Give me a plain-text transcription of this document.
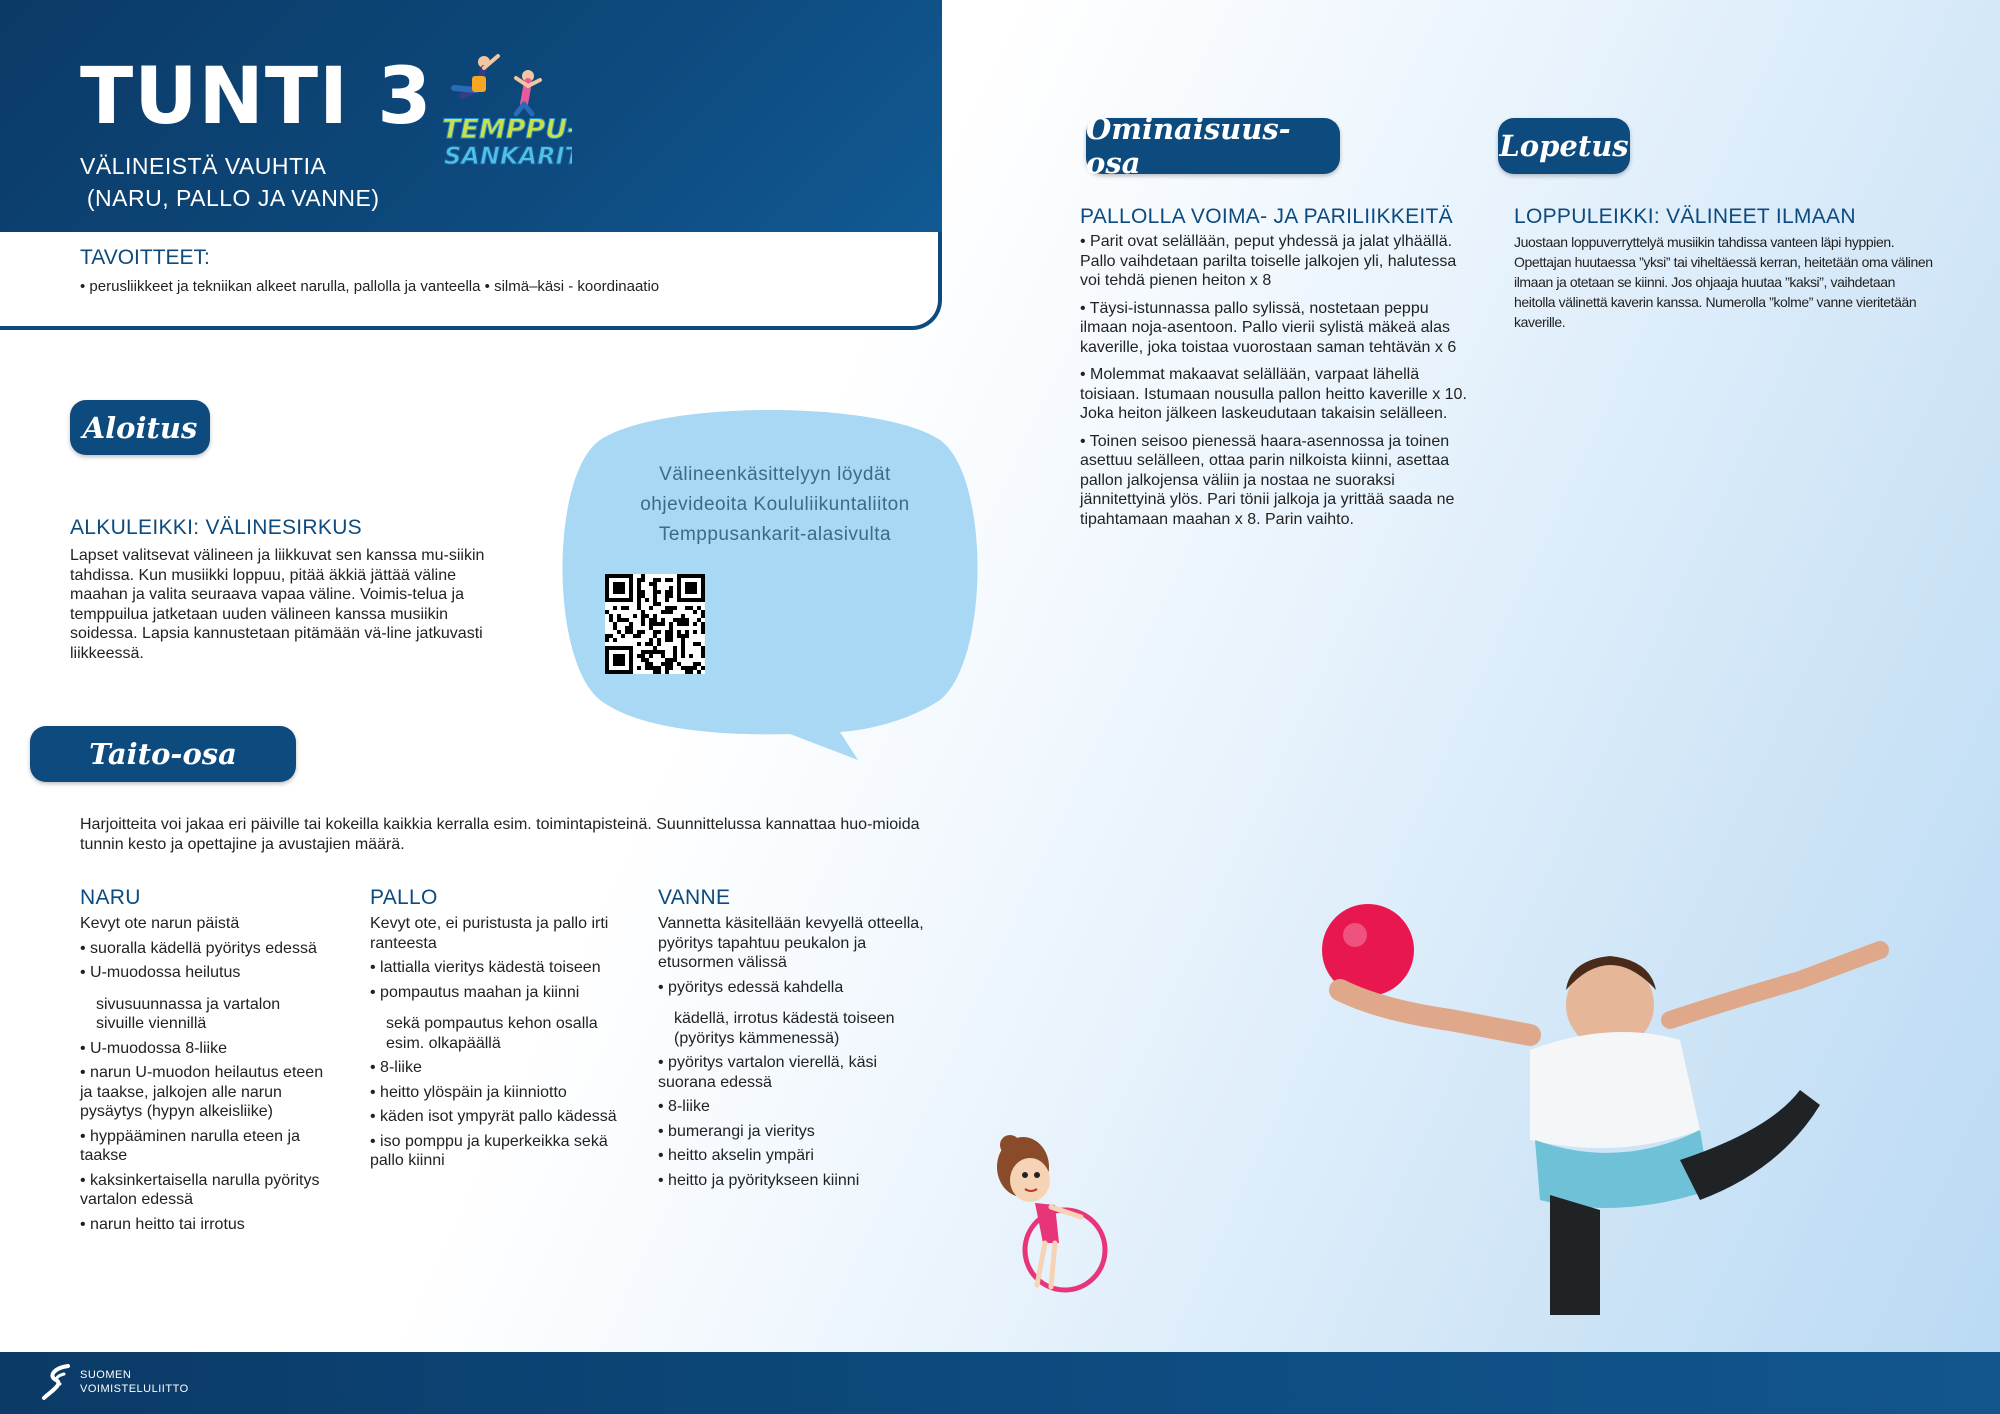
TUNTI 3
VÄLINEISTÄ VAUHTIA
(NARU, PALLO JA VANNE)
TEMPPU-
SANKARIT
TAVOITTEET:
• perusliikkeet ja tekniikan alkeet narulla, pallolla ja vanteella • silmä–käsi - koordinaatio
Aloitus
ALKULEIKKI: VÄLINESIRKUS
Lapset valitsevat välineen ja liikkuvat sen kanssa mu-siikin tahdissa. Kun musiikki loppuu, pitää äkkiä jättää väline maahan ja valita seuraava vapaa väline. Voimis-telua ja temppuilua jatketaan uuden välineen kanssa musiikin soidessa. Lapsia kannustetaan pitämään vä-line jatkuvasti liikkeessä.
Välineenkäsittelyyn löydät
ohjevideoita Koululiikuntaliiton
Temppusankarit-alasivulta
Taito-osa
Harjoitteita voi jakaa eri päiville tai kokeilla kaikkia kerralla esim. toimintapisteinä. Suunnittelussa kannattaa huo-mioida tunnin kesto ja opettajine ja avustajien määrä.
NARU
Kevyt ote narun päistä
• suoralla kädellä pyöritys edessä
• U-muodossa heilutus
sivusuunnassa ja vartalon sivuille viennillä
• U-muodossa 8-liike
• narun U-muodon heilautus eteen ja taakse, jalkojen alle narun pysäytys (hypyn alkeisliike)
• hyppääminen narulla eteen ja taakse
• kaksinkertaisella narulla pyöritys vartalon edessä
• narun heitto tai irrotus
PALLO
Kevyt ote, ei puristusta ja pallo irti ranteesta
• lattialla vieritys kädestä toiseen
• pompautus maahan ja kiinni
sekä pompautus kehon osalla esim. olkapäällä
• 8-liike
• heitto ylöspäin ja kiinniotto
• käden isot ympyrät pallo kädessä
• iso pomppu ja kuperkeikka sekä pallo kiinni
VANNE
Vannetta käsitellään kevyellä otteella, pyöritys tapahtuu peukalon ja etusormen välissä
• pyöritys edessä kahdella
kädellä, irrotus kädestä toiseen (pyöritys kämmenessä)
• pyöritys vartalon vierellä, käsi suorana edessä
• 8-liike
• bumerangi ja vieritys
• heitto akselin ympäri
• heitto ja pyöritykseen kiinni
Ominaisuus-osa
PALLOLLA VOIMA- JA PARILIIKKEITÄ
• Parit ovat selällään, peput yhdessä ja jalat ylhäällä. Pallo vaihdetaan parilta toiselle jalkojen yli, halutessa voi tehdä pienen heiton x 8
• Täysi-istunnassa pallo sylissä, nostetaan peppu ilmaan noja-asentoon. Pallo vierii sylistä mäkeä alas kaverille, joka toistaa vuorostaan saman tehtävän x 6
• Molemmat makaavat selällään, varpaat lähellä toisiaan. Istumaan nousulla pallon heitto kaverille x 10. Joka heiton jälkeen laskeudutaan takaisin selälleen.
• Toinen seisoo pienessä haara-asennossa ja toinen asettuu selälleen, ottaa parin nilkoista kiinni, asettaa pallon jalkojensa väliin ja nostaa ne suoraksi jännitettyinä ylös. Pari tönii jalkoja ja yrittää saada ne tipahtamaan maahan x 8. Parin vaihto.
Lopetus
LOPPULEIKKI: VÄLINEET ILMAAN
Juostaan loppuverryttelyä musiikin tahdissa vanteen läpi hyppien. Opettajan huutaessa ”yksi” tai viheltäessä kerran, heitetään oma välinen ilmaan ja otetaan se kiinni. Jos ohjaaja huutaa ”kaksi”, vaihdetaan heitolla välinettä kaverin kanssa. Numerolla ”kolme” vanne vieritetään kaverille.
SUOMEN
VOIMISTELULIITTO
